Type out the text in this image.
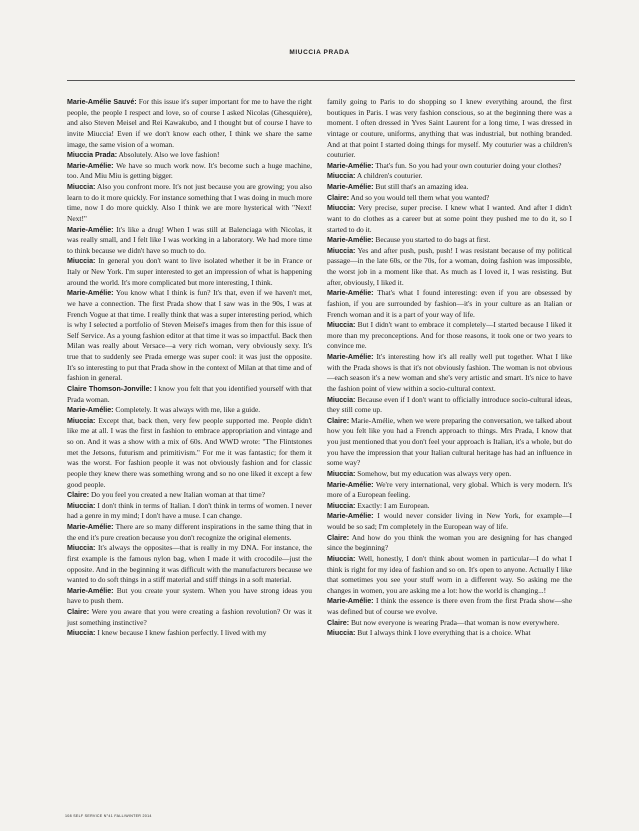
MIUCCIA PRADA

Marie-Amélie Sauvé: For this issue it's super important for me to have the right people, the people I respect and love, so of course I asked Nicolas (Ghesquière), and also Steven Meisel and Rei Kawakubo, and I thought but of course I have to invite Miuccia! Even if we don't know each other, I think we share the same image, the same vision of a woman.

Miuccia Prada: Absolutely. Also we love fashion!

Marie-Amélie: We have so much work now. It's become such a huge machine, too. And Miu Miu is getting bigger.

Miuccia: Also you confront more. It's not just because you are growing; you also learn to do it more quickly. For instance something that I was doing in much more time, now I do more quickly. Also I think we are more hysterical with "Next! Next!"

Marie-Amélie: It's like a drug! When I was still at Balenciaga with Nicolas, it was really small, and I felt like I was working in a laboratory. We had more time to think because we didn't have so much to do.

Miuccia: In general you don't want to live isolated whether it be in France or Italy or New York. I'm super interested to get an impression of what is happening around the world. It's more complicated but more interesting, I think.

Marie-Amélie: You know what I think is fun? It's that, even if we haven't met, we have a connection. The first Prada show that I saw was in the 90s, I was at French Vogue at that time. I really think that was a super interesting period, which is why I selected a portfolio of Steven Meisel's images from then for this issue of Self Service. As a young fashion editor at that time it was so impactful. Back then Milan was really about Versace—a very rich woman, very obviously sexy. It's true that to suddenly see Prada emerge was super cool: it was just the opposite. It's so interesting to put that Prada show in the context of Milan at that time and of fashion in general.

Claire Thomson-Jonville: I know you felt that you identified yourself with that Prada woman.

Marie-Amélie: Completely. It was always with me, like a guide.

Miuccia: Except that, back then, very few people supported me. People didn't like me at all. I was the first in fashion to embrace appropriation and vintage and so on. And it was a show with a mix of 60s. And WWD wrote: "The Flintstones met the Jetsons, futurism and primitivism." For me it was fantastic; for them it was the worst. For fashion people it was not obviously fashion and for classic people they knew there was something wrong and so no one liked it except a few good people.

Claire: Do you feel you created a new Italian woman at that time?

Miuccia: I don't think in terms of Italian. I don't think in terms of women. I never had a genre in my mind; I don't have a muse. I can change.

Marie-Amélie: There are so many different inspirations in the same thing that in the end it's pure creation because you don't recognize the original elements.

Miuccia: It's always the opposites—that is really in my DNA. For instance, the first example is the famous nylon bag, when I made it with crocodile—just the opposite. And in the beginning it was difficult with the manufacturers because we wanted to do soft things in a stiff material and stiff things in a soft material.

Marie-Amélie: But you create your system. When you have strong ideas you have to push them.

Claire: Were you aware that you were creating a fashion revolution? Or was it just something instinctive?

Miuccia: I knew because I knew fashion perfectly. I lived with my

family going to Paris to do shopping so I knew everything around, the first boutiques in Paris. I was very fashion conscious, so at the beginning there was a moment. I often dressed in Yves Saint Laurent for a long time, I was dressed in vintage or couture, uniforms, anything that was industrial, but nothing branded. And at that point I started doing things for myself. My couturier was a children's couturier.

Marie-Amélie: That's fun. So you had your own couturier doing your clothes?

Miuccia: A children's couturier.

Marie-Amélie: But still that's an amazing idea.

Claire: And so you would tell them what you wanted?

Miuccia: Very precise, super precise. I knew what I wanted. And after I didn't want to do clothes as a career but at some point they pushed me to do it, so I started to do it.

Marie-Amélie: Because you started to do bags at first.

Miuccia: Yes and after push, push, push! I was resistant because of my political passage—in the late 60s, or the 70s, for a woman, doing fashion was impossible, the worst job in a moment like that. As much as I loved it, I was resisting. But after, obviously, I liked it.

Marie-Amélie: That's what I found interesting: even if you are obsessed by fashion, if you are surrounded by fashion—it's in your culture as an Italian or French woman and it is a part of your way of life.

Miuccia: But I didn't want to embrace it completely—I started because I liked it more than my preconceptions. And for those reasons, it took one or two years to convince me.

Marie-Amélie: It's interesting how it's all really well put together. What I like with the Prada shows is that it's not obviously fashion. The woman is not obvious—each season it's a new woman and she's very artistic and smart. It's nice to have the fashion point of view within a socio-cultural context.

Miuccia: Because even if I don't want to officially introduce socio-cultural ideas, they still come up.

Claire: Marie-Amélie, when we were preparing the conversation, we talked about how you felt like you had a French approach to things. Mrs Prada, I know that you just mentioned that you don't feel your approach is Italian, it's a whole, but do you have the impression that your Italian cultural heritage has had an influence in some way?

Miuccia: Somehow, but my education was always very open.

Marie-Amélie: We're very international, very global. Which is very modern. It's more of a European feeling.

Miuccia: Exactly: I am European.

Marie-Amélie: I would never consider living in New York, for example—I would be so sad; I'm completely in the European way of life.

Claire: And how do you think the woman you are designing for has changed since the beginning?

Miuccia: Well, honestly, I don't think about women in particular—I do what I think is right for my idea of fashion and so on. It's open to anyone. Actually I like that sometimes you see your stuff worn in a different way. So asking me the changes in women, you are asking me a lot: how the world is changing...!

Marie-Amélie: I think the essence is there even from the first Prada show—she was defined but of course we evolve.

Claire: But now everyone is wearing Prada—that woman is now everywhere.

Miuccia: But I always think I love everything that is a choice. What

108 SELF SERVICE N°41 FALL/WINTER 2014
